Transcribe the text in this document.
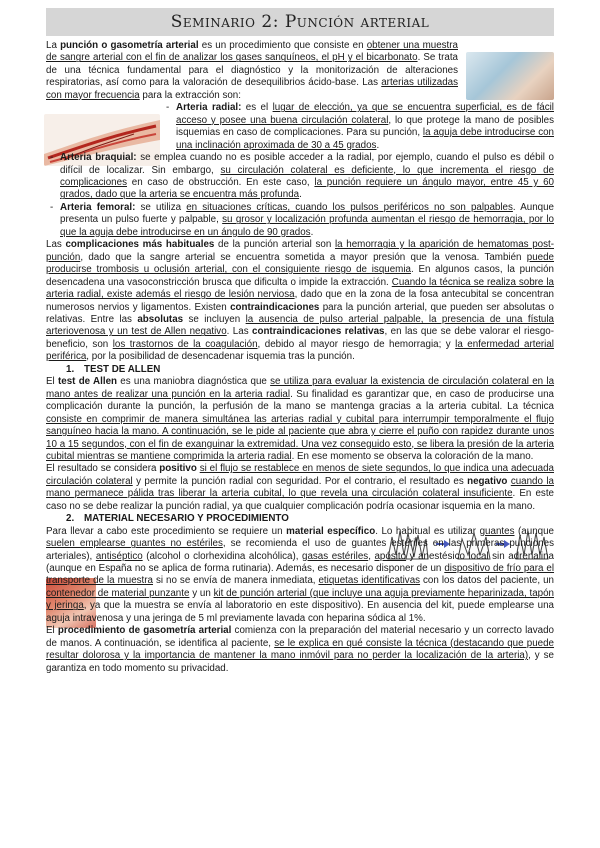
Seminario 2: Punción arterial

La punción o gasometría arterial es un procedimiento que consiste en obtener una muestra de sangre arterial con el fin de analizar los gases sanguíneos, el pH y el bicarbonato. Se trata de una técnica fundamental para el diagnóstico y la monitorización de alteraciones respiratorias, así como para la valoración de desequilibrios ácido-base. Las arterias utilizadas con mayor frecuencia para la extracción son:

- Arteria radial: es el lugar de elección, ya que se encuentra superficial, es de fácil acceso y posee una buena circulación colateral, lo que protege la mano de posibles isquemias en caso de complicaciones. Para su punción, la aguja debe introducirse con una inclinación aproximada de 30 a 45 grados.

- Arteria braquial: se emplea cuando no es posible acceder a la radial, por ejemplo, cuando el pulso es débil o difícil de localizar. Sin embargo, su circulación colateral es deficiente, lo que incrementa el riesgo de complicaciones en caso de obstrucción. En este caso, la punción requiere un ángulo mayor, entre 45 y 60 grados, dado que la arteria se encuentra más profunda.

- Arteria femoral: se utiliza en situaciones críticas, cuando los pulsos periféricos no son palpables. Aunque presenta un pulso fuerte y palpable, su grosor y localización profunda aumentan el riesgo de hemorragia, por lo que la aguja debe introducirse en un ángulo de 90 grados.

Las complicaciones más habituales de la punción arterial son la hemorragia y la aparición de hematomas post-punción, dado que la sangre arterial se encuentra sometida a mayor presión que la venosa. También puede producirse trombosis u oclusión arterial, con el consiguiente riesgo de isquemia. En algunos casos, la punción desencadena una vasoconstricción brusca que dificulta o impide la extracción. Cuando la técnica se realiza sobre la arteria radial, existe además el riesgo de lesión nerviosa, dado que en la zona de la fosa antecubital se concentran numerosos nervios y ligamentos. Existen contraindicaciones para la punción arterial, que pueden ser absolutas o relativas. Entre las absolutas se incluyen la ausencia de pulso arterial palpable, la presencia de una fístula arteriovenosa y un test de Allen negativo. Las contraindicaciones relativas, en las que se debe valorar el riesgo-beneficio, son los trastornos de la coagulación, debido al mayor riesgo de hemorragia; y la enfermedad arterial periférica, por la posibilidad de desencadenar isquemia tras la punción.

1. TEST DE ALLEN

El test de Allen es una maniobra diagnóstica que se utiliza para evaluar la existencia de circulación colateral en la mano antes de realizar una punción en la arteria radial. Su finalidad es garantizar que, en caso de producirse una complicación durante la punción, la perfusión de la mano se mantenga gracias a la arteria cubital. La técnica consiste en comprimir de manera simultánea las arterias radial y cubital para interrumpir temporalmente el flujo sanguíneo hacia la mano. A continuación, se le pide al paciente que abra y cierre el puño con rapidez durante unos 10 a 15 segundos, con el fin de exanguinar la extremidad. Una vez conseguido esto, se libera la presión de la arteria cubital mientras se mantiene comprimida la arteria radial. En ese momento se observa la coloración de la mano.

El resultado se considera positivo si el flujo se restablece en menos de siete segundos, lo que indica una adecuada circulación colateral y permite la punción radial con seguridad. Por el contrario, el resultado es negativo cuando la mano permanece pálida tras liberar la arteria cubital, lo que revela una circulación colateral insuficiente. En este caso no se debe realizar la punción radial, ya que cualquier complicación podría ocasionar isquemia en la mano.

2. MATERIAL NECESARIO Y PROCEDIMIENTO

Para llevar a cabo este procedimiento se requiere un material específico. Lo habitual es utilizar guantes (aunque suelen emplearse guantes no estériles, se recomienda el uso de guantes estériles en las primeras punciones arteriales), antiséptico (alcohol o clorhexidina alcohólica), gasas estériles, apósito y anestésico local sin adrenalina (aunque en España no se aplica de forma rutinaria). Además, es necesario disponer de un dispositivo de frío para el transporte de la muestra si no se envía de manera inmediata, etiquetas identificativas con los datos del paciente, un contenedor de material punzante y un kit de punción arterial (que incluye una aguja previamente heparinizada, tapón y jeringa, ya que la muestra se envía al laboratorio en este dispositivo). En ausencia del kit, puede emplearse una aguja intravenosa y una jeringa de 5 ml previamente lavada con heparina sódica al 1%.

El procedimiento de gasometría arterial comienza con la preparación del material necesario y un correcto lavado de manos. A continuación, se identifica al paciente, se le explica en qué consiste la técnica (destacando que puede resultar dolorosa y la importancia de mantener la mano inmóvil para no perder la localización de la arteria), y se garantiza en todo momento su privacidad.
